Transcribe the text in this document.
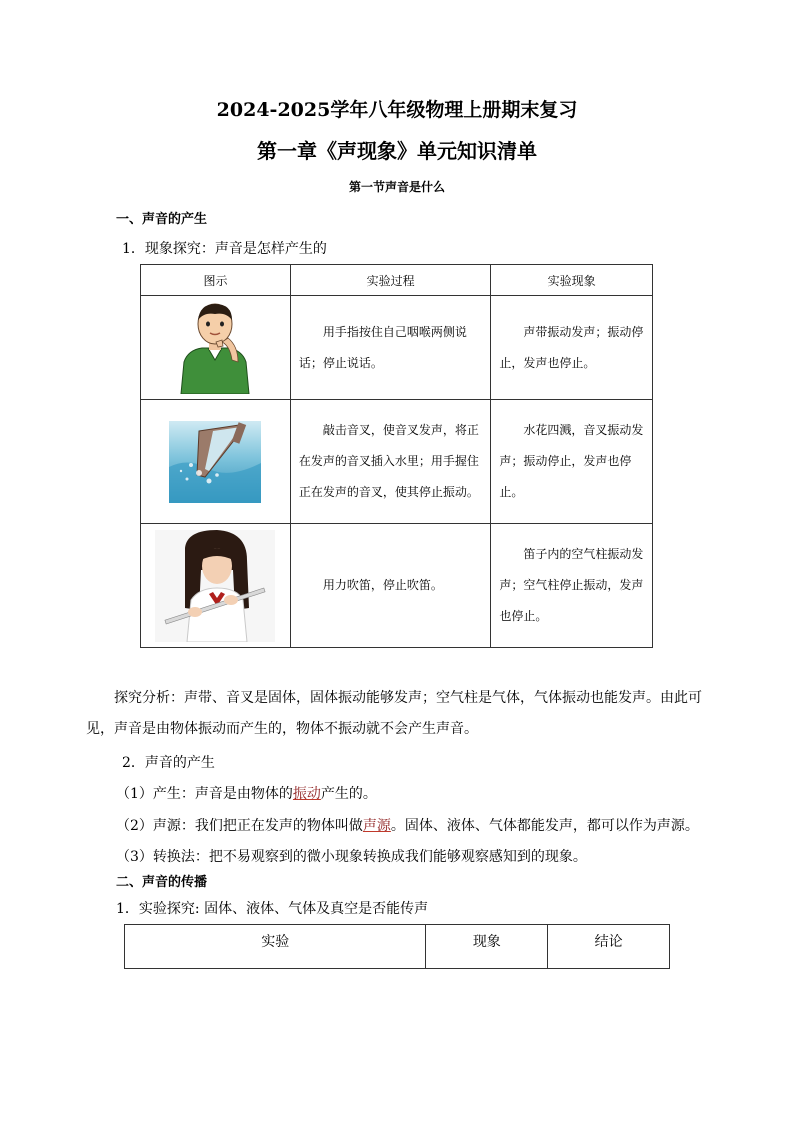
2024-2025学年八年级物理上册期末复习
第一章《声现象》单元知识清单
第一节声音是什么
一、声音的产生
1．现象探究：声音是怎样产生的
图示	实验过程	实验现象

用手指按住自己咽喉两侧说话；停止说话。	声带振动发声；振动停止，发声也停止。

敲击音叉，使音叉发声，将正在发声的音叉插入水里；用手握住正在发声的音叉，使其停止振动。	水花四溅，音叉振动发声；振动停止，发声也停止。

用力吹笛，停止吹笛。	笛子内的空气柱振动发声；空气柱停止振动，发声也停止。
探究分析：声带、音叉是固体，固体振动能够发声；空气柱是气体，气体振动也能发声。由此可见，声音是由物体振动而产生的，物体不振动就不会产生声音。
2．声音的产生
（1）产生：声音是由物体的振动产生的。
（2）声源：我们把正在发声的物体叫做声源。固体、液体、气体都能发声，都可以作为声源。
（3）转换法：把不易观察到的微小现象转换成我们能够观察感知到的现象。
二、声音的传播
1．实验探究: 固体、液体、气体及真空是否能传声
实验	现象	结论
